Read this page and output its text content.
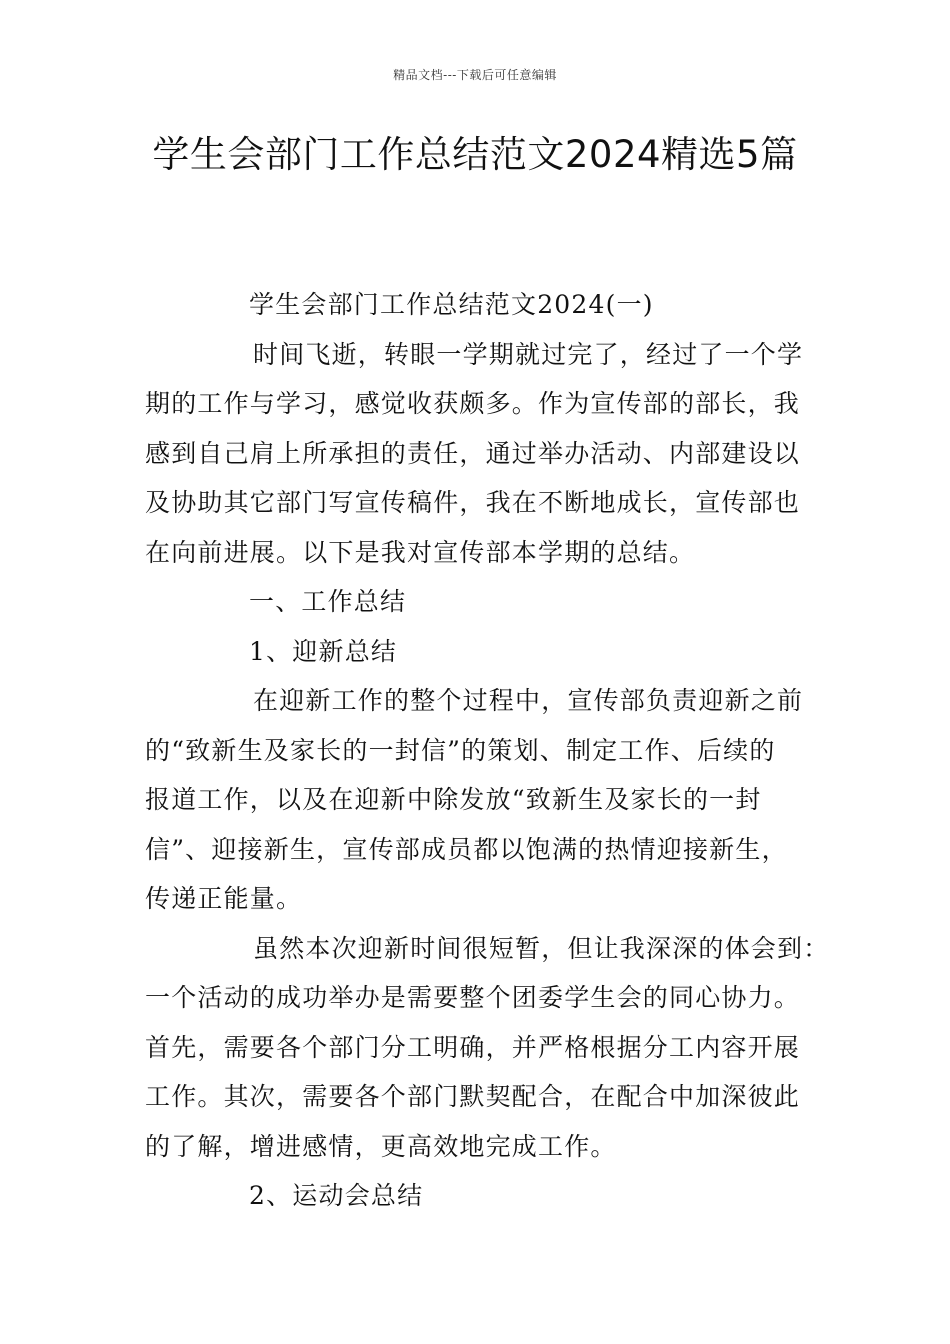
精品文档---下载后可任意编辑
学生会部门工作总结范文2024精选5篇
学生会部门工作总结范文2024(一)
时间飞逝，转眼一学期就过完了，经过了一个学
期的工作与学习，感觉收获颇多。作为宣传部的部长，我
感到自己肩上所承担的责任，通过举办活动、内部建设以
及协助其它部门写宣传稿件，我在不断地成长，宣传部也
在向前进展。以下是我对宣传部本学期的总结。
一、工作总结
1、迎新总结
在迎新工作的整个过程中，宣传部负责迎新之前
的“致新生及家长的一封信”的策划、制定工作、后续的
报道工作，以及在迎新中除发放“致新生及家长的一封
信”、迎接新生，宣传部成员都以饱满的热情迎接新生，
传递正能量。
虽然本次迎新时间很短暂，但让我深深的体会到：
一个活动的成功举办是需要整个团委学生会的同心协力。
首先，需要各个部门分工明确，并严格根据分工内容开展
工作。其次，需要各个部门默契配合，在配合中加深彼此
的了解，增进感情，更高效地完成工作。
2、运动会总结
